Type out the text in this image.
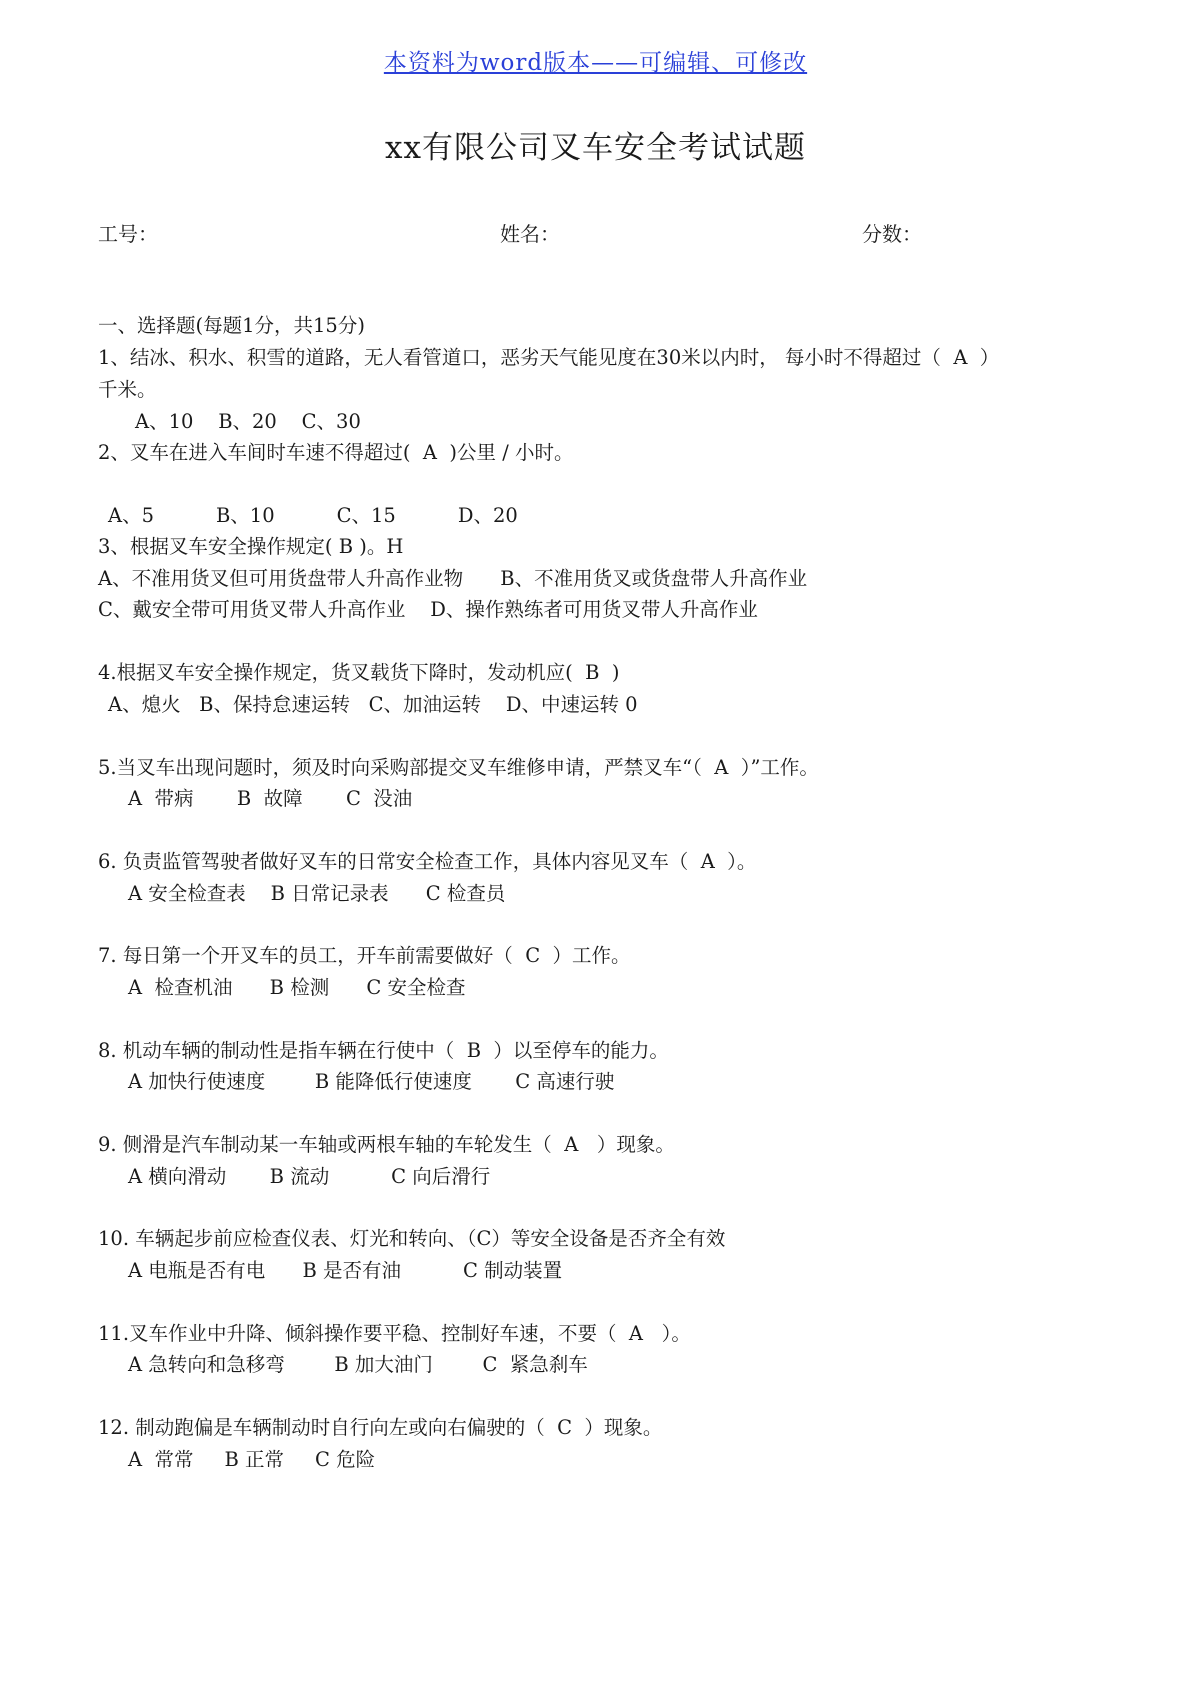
本资料为word版本——可编辑、可修改
xx有限公司叉车安全考试试题
工号：	姓名：	分数：
一、选择题(每题1分，共15分)
1、结冰、积水、积雪的道路，无人看管道口，恶劣天气能见度在30米以内时， 每小时不得超过（  A  ）
千米。
A、10    B、20    C、30
2、叉车在进入车间时车速不得超过(  A  )公里 / 小时。
A、5          B、10          C、15          D、20
3、根据叉车安全操作规定( B )。H
A、不准用货叉但可用货盘带人升高作业物      B、不准用货叉或货盘带人升高作业
C、戴安全带可用货叉带人升高作业    D、操作熟练者可用货叉带人升高作业
4.根据叉车安全操作规定，货叉载货下降时，发动机应(  B  )
A、熄火   B、保持怠速运转   C、加油运转    D、中速运转 0
5.当叉车出现问题时，须及时向采购部提交叉车维修申请，严禁叉车“（  A  ）”工作。
A  带病       B  故障       C  没油
6. 负责监管驾驶者做好叉车的日常安全检查工作，具体内容见叉车（  A  ）。
A 安全检查表    B 日常记录表      C 检查员
7. 每日第一个开叉车的员工，开车前需要做好（  C  ）工作。
A  检查机油      B 检测      C 安全检查
8. 机动车辆的制动性是指车辆在行使中（  B  ）以至停车的能力。
A 加快行使速度        B 能降低行使速度       C 高速行驶
9. 侧滑是汽车制动某一车轴或两根车轴的车轮发生（  A   ）现象。
A 横向滑动       B 流动          C 向后滑行
10. 车辆起步前应检查仪表、灯光和转向、（C）等安全设备是否齐全有效
A 电瓶是否有电      B 是否有油          C 制动装置
11.叉车作业中升降、倾斜操作要平稳、控制好车速，不要（  A   ）。
A 急转向和急移弯        B 加大油门        C  紧急刹车
12. 制动跑偏是车辆制动时自行向左或向右偏驶的（  C  ）现象。
A  常常     B 正常     C 危险
